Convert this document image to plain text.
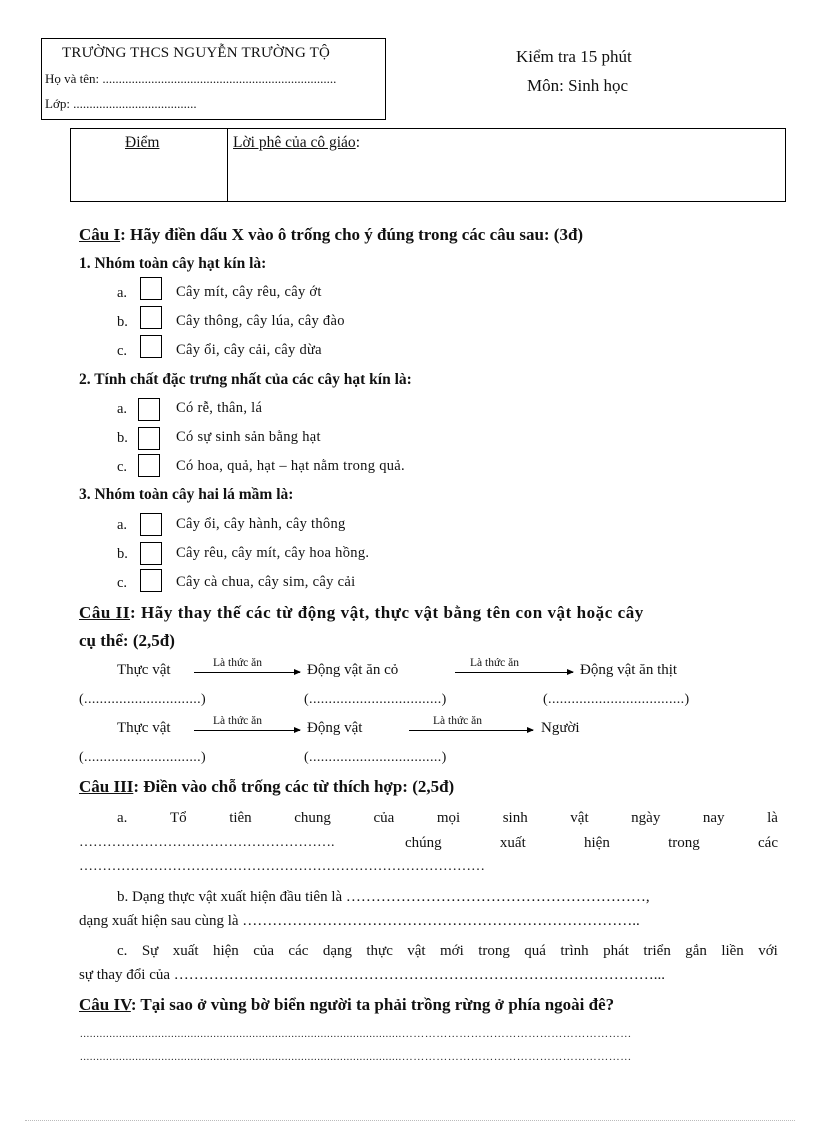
TRƯỜNG THCS NGUYỄN TRƯỜNG TỘ
Họ và tên: ........................................................................
Lớp: ......................................
Kiểm tra 15 phút
Môn: Sinh học
Điểm	Lời phê của cô giáo:
Câu I: Hãy điền dấu X vào ô trống cho ý đúng trong các câu sau: (3đ)
1. Nhóm toàn cây hạt kín là:
a.	Cây mít, cây rêu, cây ớt
b.	Cây thông, cây lúa, cây đào
c.	Cây ổi, cây cải, cây dừa
2. Tính chất đặc trưng nhất của các cây hạt kín là:
a.	Có rễ, thân, lá
b.	Có sự sinh sản bằng hạt
c.	Có hoa, quả, hạt – hạt nằm trong quả.
3. Nhóm toàn cây hai lá mầm là:
a.	Cây ổi, cây hành, cây thông
b.	Cây rêu, cây mít, cây hoa hồng.
c.	Cây cà chua, cây sim, cây cải
Câu II: Hãy thay thế các từ động vật, thực vật bằng tên con vật hoặc cây
cụ thể: (2,5đ)
Thực vật	Là thức ăn	Động vật ăn cỏ	Là thức ăn	Động vật ăn thịt
(..............................)	(..................................)	(...................................)
Thực vật	Là thức ăn	Động vật	Là thức ăn	Người
(..............................)	(..................................)
Câu III: Điền vào chỗ trống các từ thích hợp: (2,5đ)
a.	Tổ	tiên	chung	của	mọi	sinh	vật	ngày	nay	là
……………………………………………….	chúng	xuất	hiện	trong	các
……………………………………………………………………………
b. Dạng thực vật xuất hiện đầu tiên là ……………………………………………………,
dạng xuất hiện sau cùng là ……………………………………………………………………..
c. Sự xuất hiện của các dạng thực vật mới trong quá trình phát triển gắn liền với
sự thay đổi của ……………………………………………………………………………………...
Câu IV: Tại sao ở vùng bờ biển người ta phải trồng rừng ở phía ngoài đê?
...................................................................................................……………………………………………………
...................................................................................................……………………………………………………
